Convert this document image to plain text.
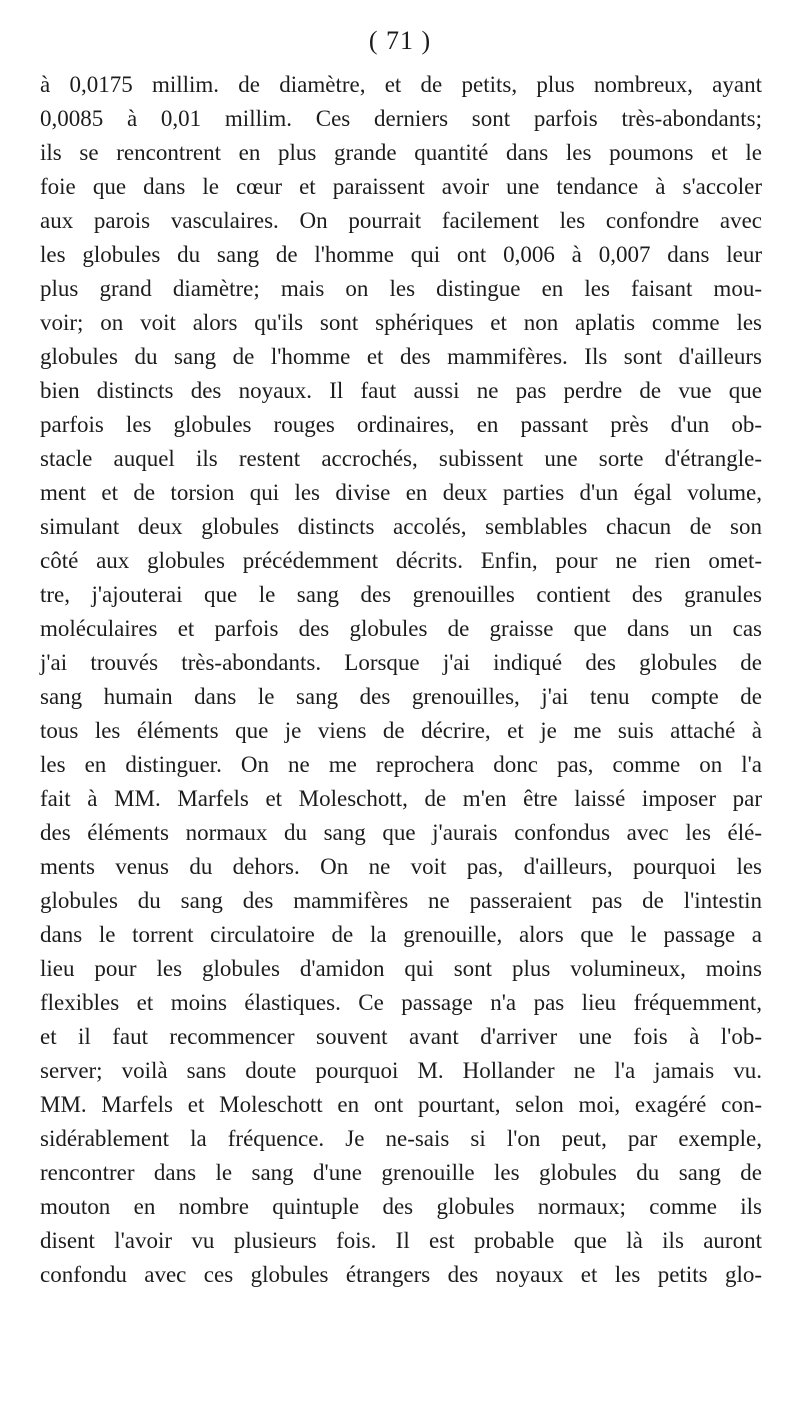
( 71 )
à 0,0175 millim. de diamètre, et de petits, plus nombreux, ayant
0,0085 à 0,01 millim. Ces derniers sont parfois très-abondants;
ils se rencontrent en plus grande quantité dans les poumons et le
foie que dans le cœur et paraissent avoir une tendance à s'accoler
aux parois vasculaires. On pourrait facilement les confondre avec
les globules du sang de l'homme qui ont 0,006 à 0,007 dans leur
plus grand diamètre; mais on les distingue en les faisant mou-
voir; on voit alors qu'ils sont sphériques et non aplatis comme les
globules du sang de l'homme et des mammifères. Ils sont d'ailleurs
bien distincts des noyaux. Il faut aussi ne pas perdre de vue que
parfois les globules rouges ordinaires, en passant près d'un ob-
stacle auquel ils restent accrochés, subissent une sorte d'étrangle-
ment et de torsion qui les divise en deux parties d'un égal volume,
simulant deux globules distincts accolés, semblables chacun de son
côté aux globules précédemment décrits. Enfin, pour ne rien omet-
tre, j'ajouterai que le sang des grenouilles contient des granules
moléculaires et parfois des globules de graisse que dans un cas
j'ai trouvés très-abondants. Lorsque j'ai indiqué des globules de
sang humain dans le sang des grenouilles, j'ai tenu compte de
tous les éléments que je viens de décrire, et je me suis attaché à
les en distinguer. On ne me reprochera donc pas, comme on l'a
fait à MM. Marfels et Moleschott, de m'en être laissé imposer par
des éléments normaux du sang que j'aurais confondus avec les élé-
ments venus du dehors. On ne voit pas, d'ailleurs, pourquoi les
globules du sang des mammifères ne passeraient pas de l'intestin
dans le torrent circulatoire de la grenouille, alors que le passage a
lieu pour les globules d'amidon qui sont plus volumineux, moins
flexibles et moins élastiques. Ce passage n'a pas lieu fréquemment,
et il faut recommencer souvent avant d'arriver une fois à l'ob-
server; voilà sans doute pourquoi M. Hollander ne l'a jamais vu.
MM. Marfels et Moleschott en ont pourtant, selon moi, exagéré con-
sidérablement la fréquence. Je ne-sais si l'on peut, par exemple,
rencontrer dans le sang d'une grenouille les globules du sang de
mouton en nombre quintuple des globules normaux; comme ils
disent l'avoir vu plusieurs fois. Il est probable que là ils auront
confondu avec ces globules étrangers des noyaux et les petits glo-
